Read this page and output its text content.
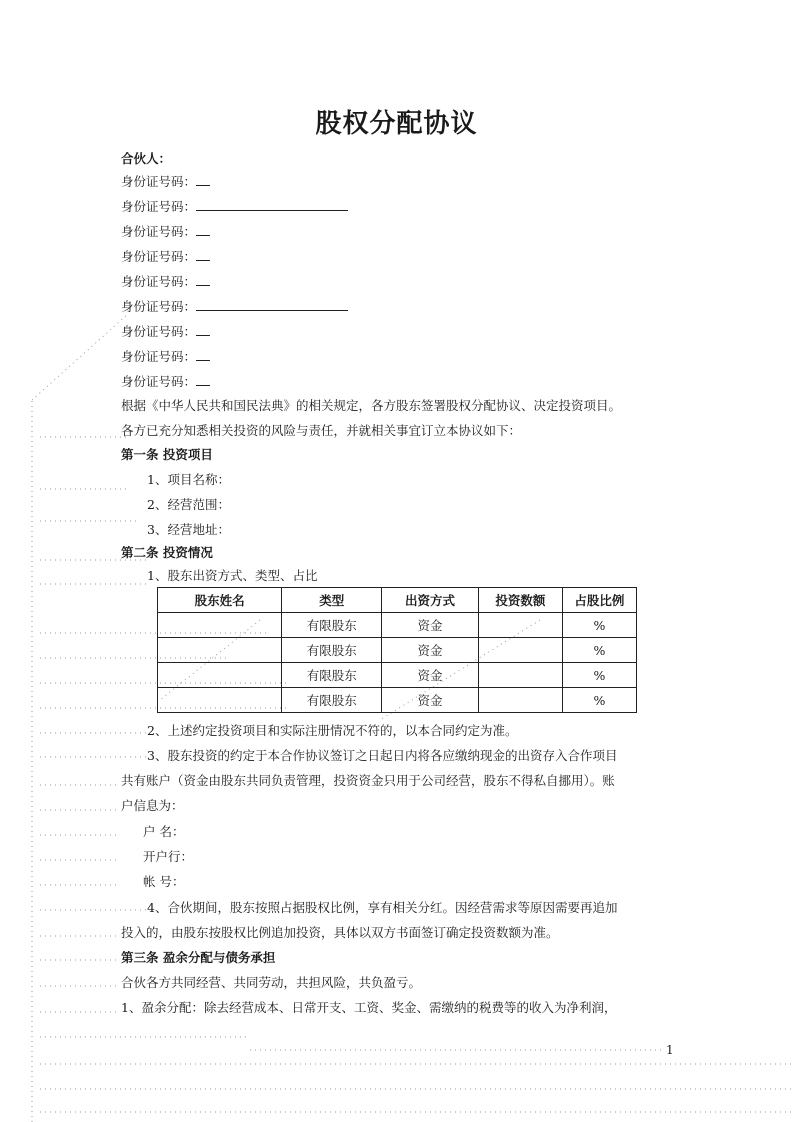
股权分配协议
合伙人：
身份证号码：
身份证号码：
身份证号码：
身份证号码：
身份证号码：
身份证号码：
身份证号码：
身份证号码：
身份证号码：
根据《中华人民共和国民法典》的相关规定，各方股东签署股权分配协议、决定投资项目。
各方已充分知悉相关投资的风险与责任，并就相关事宜订立本协议如下：
第一条 投资项目
1、项目名称：
2、经营范围：
3、经营地址：
第二条 投资情况
1、股东出资方式、类型、占比
股东姓名	类型	出资方式	投资数额	占股比例
	有限股东	资金		%
	有限股东	资金		%
	有限股东	资金		%
	有限股东	资金		%
2、上述约定投资项目和实际注册情况不符的，以本合同约定为准。
3、股东投资的约定于本合作协议签订之日起日内将各应缴纳现金的出资存入合作项目
共有账户（资金由股东共同负责管理，投资资金只用于公司经营，股东不得私自挪用）。账
户信息为：
户 名：
开户行：
帐 号：
4、合伙期间，股东按照占据股权比例，享有相关分红。因经营需求等原因需要再追加
投入的，由股东按股权比例追加投资，具体以双方书面签订确定投资数额为准。
第三条 盈余分配与债务承担
合伙各方共同经营、共同劳动，共担风险，共负盈亏。
1、盈余分配：除去经营成本、日常开支、工资、奖金、需缴纳的税费等的收入为净利润，
1
